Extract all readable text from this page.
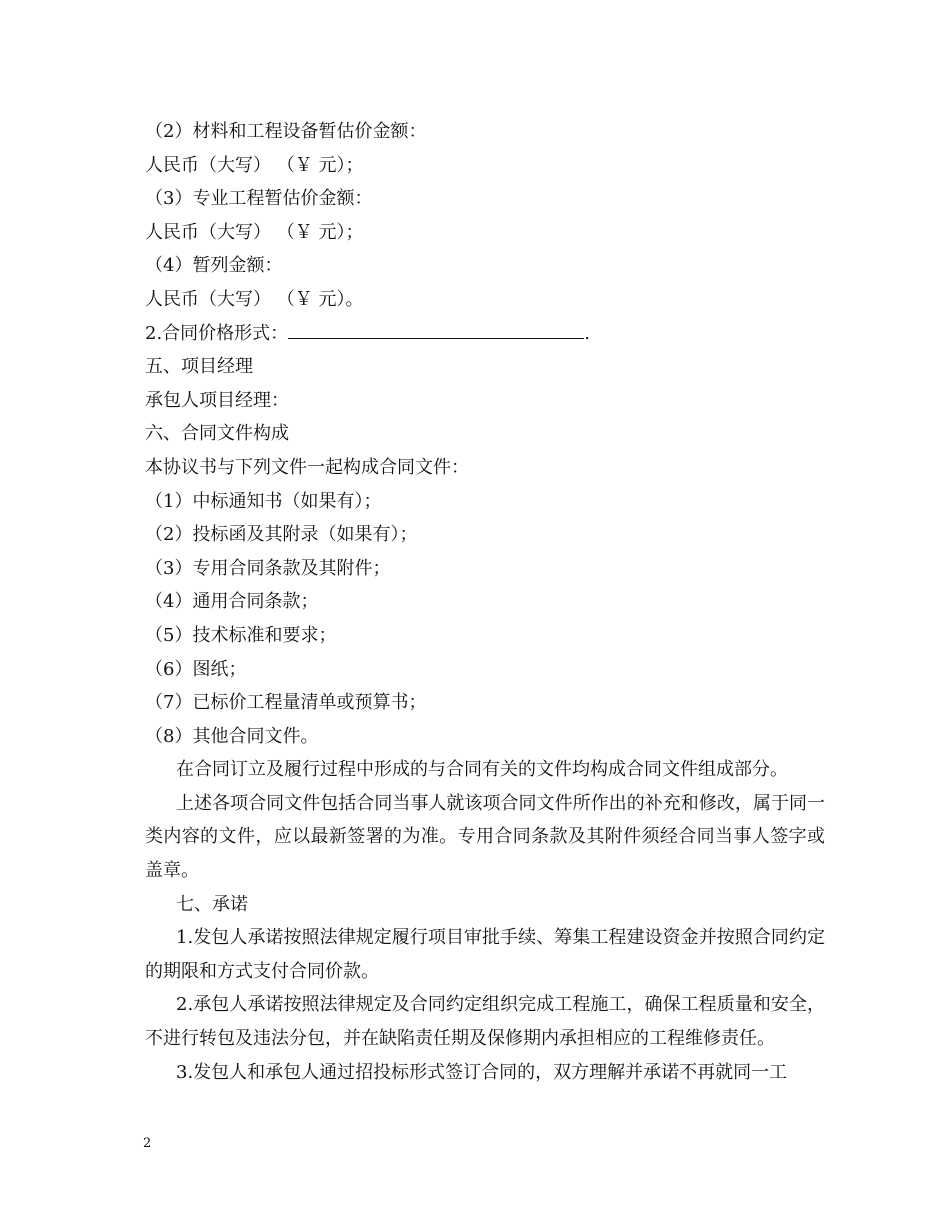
（2）材料和工程设备暂估价金额：

人民币（大写） （￥ 元）；

（3）专业工程暂估价金额：

人民币（大写） （￥ 元）；

（4）暂列金额：

人民币（大写） （￥ 元）。

2.合同价格形式：	.

五、项目经理

承包人项目经理：

六、合同文件构成

本协议书与下列文件一起构成合同文件：

（1）中标通知书（如果有）；

（2）投标函及其附录（如果有）；

（3）专用合同条款及其附件；

（4）通用合同条款；

（5）技术标准和要求；

（6）图纸；

（7）已标价工程量清单或预算书；

（8）其他合同文件。

在合同订立及履行过程中形成的与合同有关的文件均构成合同文件组成部分。

上述各项合同文件包括合同当事人就该项合同文件所作出的补充和修改，属于同一类内容的文件，应以最新签署的为准。专用合同条款及其附件须经合同当事人签字或盖章。

七、承诺

1.发包人承诺按照法律规定履行项目审批手续、筹集工程建设资金并按照合同约定的期限和方式支付合同价款。

2.承包人承诺按照法律规定及合同约定组织完成工程施工，确保工程质量和安全，不进行转包及违法分包，并在缺陷责任期及保修期内承担相应的工程维修责任。

3.发包人和承包人通过招投标形式签订合同的，双方理解并承诺不再就同一工

2
